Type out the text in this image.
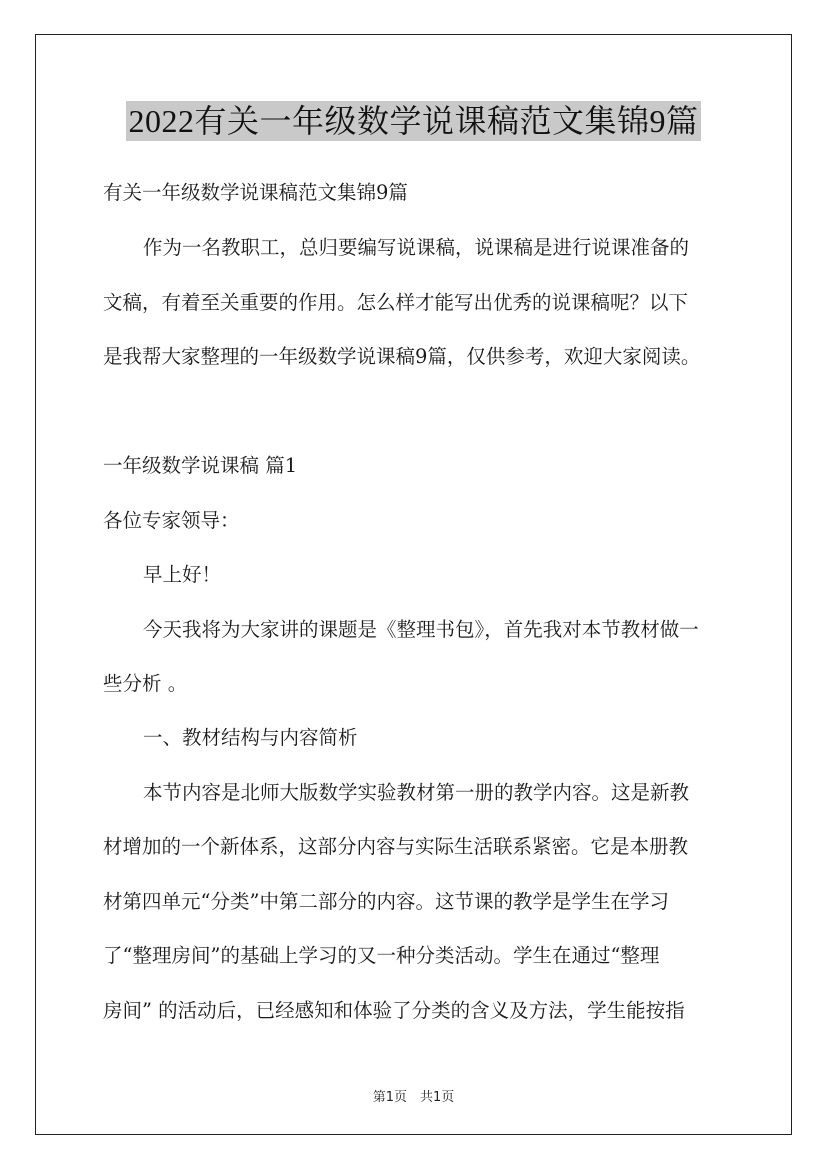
2022有关一年级数学说课稿范文集锦9篇
有关一年级数学说课稿范文集锦9篇
作为一名教职工，总归要编写说课稿，说课稿是进行说课准备的
文稿，有着至关重要的作用。怎么样才能写出优秀的说课稿呢？以下
是我帮大家整理的一年级数学说课稿9篇，仅供参考，欢迎大家阅读。
一年级数学说课稿 篇1
各位专家领导：
早上好！
今天我将为大家讲的课题是《整理书包》，首先我对本节教材做一
些分析 。
一、教材结构与内容简析
本节内容是北师大版数学实验教材第一册的教学内容。这是新教
材增加的一个新体系，这部分内容与实际生活联系紧密。它是本册教
材第四单元“分类”中第二部分的内容。这节课的教学是学生在学习
了“整理房间”的基础上学习的又一种分类活动。学生在通过“整理
房间” 的活动后，已经感知和体验了分类的含义及方法，学生能按指
第1页　共1页
